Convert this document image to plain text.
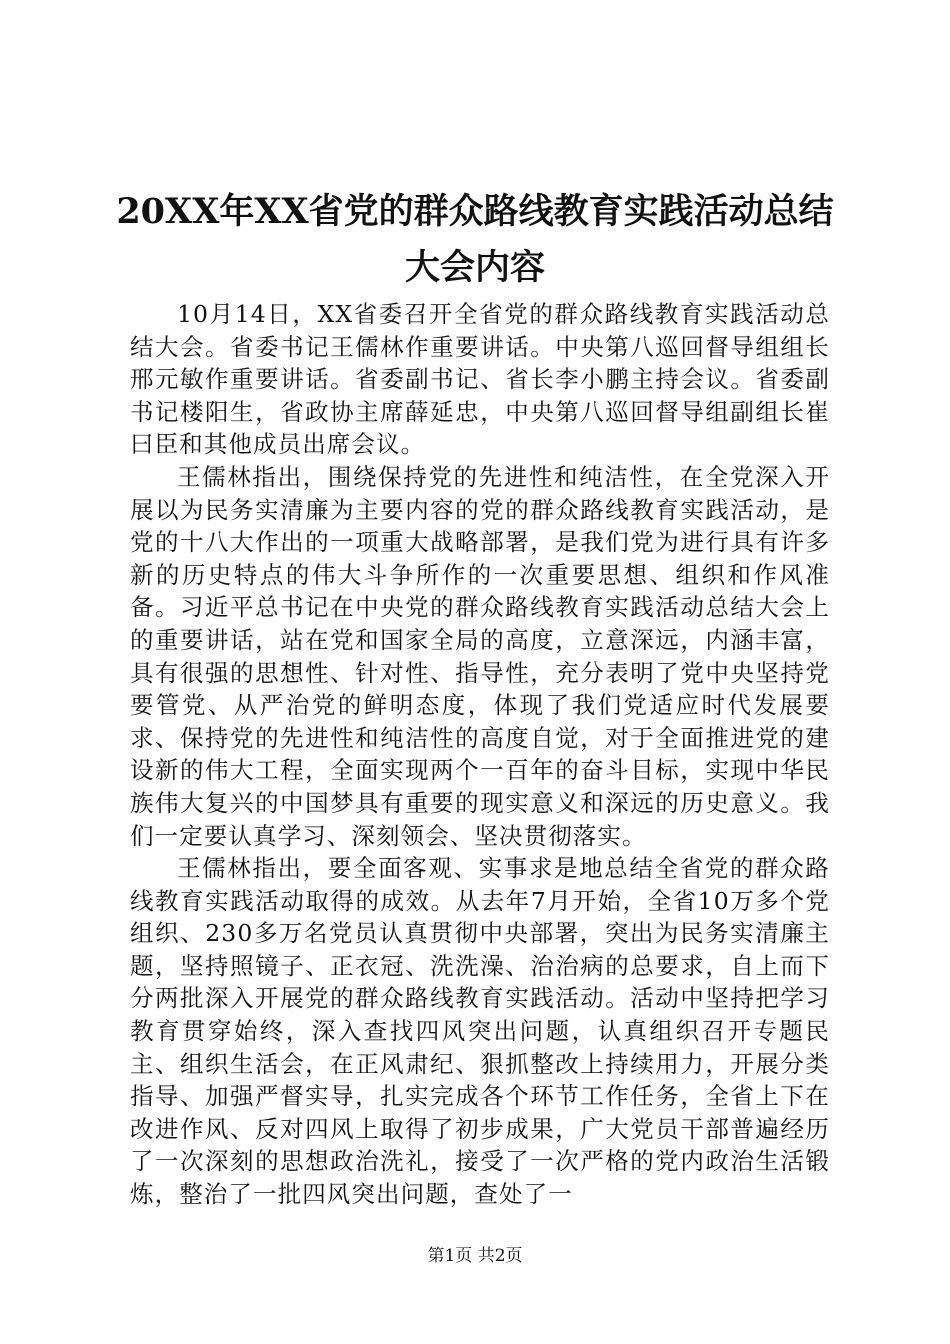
20XX年XX省党的群众路线教育实践活动总结
大会内容

10月14日，XX省委召开全省党的群众路线教育实践活动总结大会。省委书记王儒林作重要讲话。中央第八巡回督导组组长邢元敏作重要讲话。省委副书记、省长李小鹏主持会议。省委副书记楼阳生，省政协主席薛延忠，中央第八巡回督导组副组长崔曰臣和其他成员出席会议。

王儒林指出，围绕保持党的先进性和纯洁性，在全党深入开展以为民务实清廉为主要内容的党的群众路线教育实践活动，是党的十八大作出的一项重大战略部署，是我们党为进行具有许多新的历史特点的伟大斗争所作的一次重要思想、组织和作风准备。习近平总书记在中央党的群众路线教育实践活动总结大会上的重要讲话，站在党和国家全局的高度，立意深远，内涵丰富，具有很强的思想性、针对性、指导性，充分表明了党中央坚持党要管党、从严治党的鲜明态度，体现了我们党适应时代发展要求、保持党的先进性和纯洁性的高度自觉，对于全面推进党的建设新的伟大工程，全面实现两个一百年的奋斗目标，实现中华民族伟大复兴的中国梦具有重要的现实意义和深远的历史意义。我们一定要认真学习、深刻领会、坚决贯彻落实。

王儒林指出，要全面客观、实事求是地总结全省党的群众路线教育实践活动取得的成效。从去年7月开始，全省10万多个党组织、230多万名党员认真贯彻中央部署，突出为民务实清廉主题，坚持照镜子、正衣冠、洗洗澡、治治病的总要求，自上而下分两批深入开展党的群众路线教育实践活动。活动中坚持把学习教育贯穿始终，深入查找四风突出问题，认真组织召开专题民主、组织生活会，在正风肃纪、狠抓整改上持续用力，开展分类指导、加强严督实导，扎实完成各个环节工作任务，全省上下在改进作风、反对四风上取得了初步成果，广大党员干部普遍经历了一次深刻的思想政治洗礼，接受了一次严格的党内政治生活锻炼，整治了一批四风突出问题，查处了一

第1页 共2页
